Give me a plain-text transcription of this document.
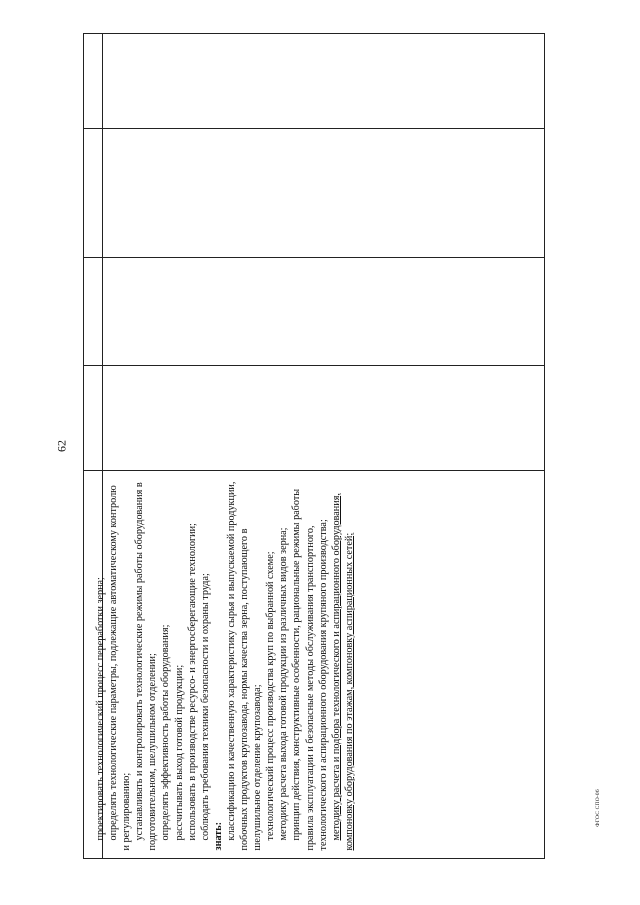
62
ФГОС СПО-06

проектировать технологический процесс переработки зерна; определять технологические параметры, подлежащие автоматическому контролю и регулированию; устанавливать и контролировать технологические режимы работы оборудования в подготовительном, шелушильном отделении; определять эффективность работы оборудования; рассчитывать выход готовой продукции; использовать в производстве ресурсо- и энергосберегающие технологии; соблюдать требования техники безопасности и охраны труда; знать: классификацию и качественную характеристику сырья и выпускаемой продукции, побочных продуктов крупозавода, нормы качества зерна, поступающего в шелушильное отделение крупозавода; технологический процесс производства круп по выбранной схеме; методику расчета выхода готовой продукции из различных видов зерна; принцип действия, конструктивные особенности, рациональные режимы работы правила эксплуатации и безопасные методы обслуживания транспортного, технологического и аспирационного оборудования крупяного производства; методику расчета и подбора технологического и аспирационного оборудования, компоновку оборудования по этажам, компоновку аспирационных сетей;
